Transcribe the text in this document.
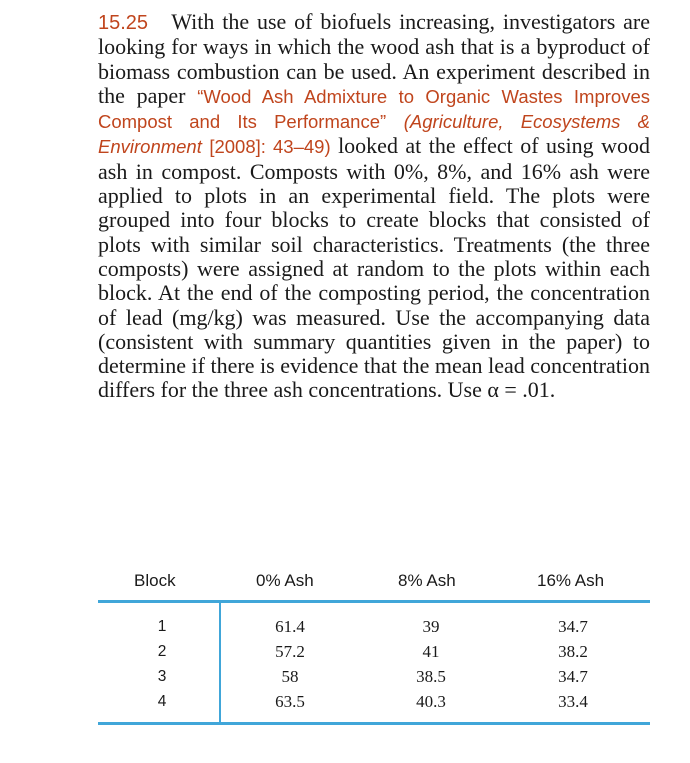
15.25 With the use of biofuels increasing, investigators are looking for ways in which the wood ash that is a byproduct of biomass combustion can be used. An experiment described in the paper “Wood Ash Admixture to Organic Wastes Improves Compost and Its Performance” (Agriculture, Ecosystems & Environment [2008]: 43–49) looked at the effect of using wood ash in compost. Composts with 0%, 8%, and 16% ash were applied to plots in an experimental field. The plots were grouped into four blocks to create blocks that consisted of plots with similar soil characteristics. Treatments (the three composts) were assigned at random to the plots within each block. At the end of the composting period, the concentration of lead (mg/kg) was measured. Use the accompanying data (consistent with summary quantities given in the paper) to determine if there is evidence that the mean lead concentration differs for the three ash concentrations. Use α = .01.

Block	0% Ash	8% Ash	16% Ash
1	61.4	39	34.7
2	57.2	41	38.2
3	58	38.5	34.7
4	63.5	40.3	33.4
